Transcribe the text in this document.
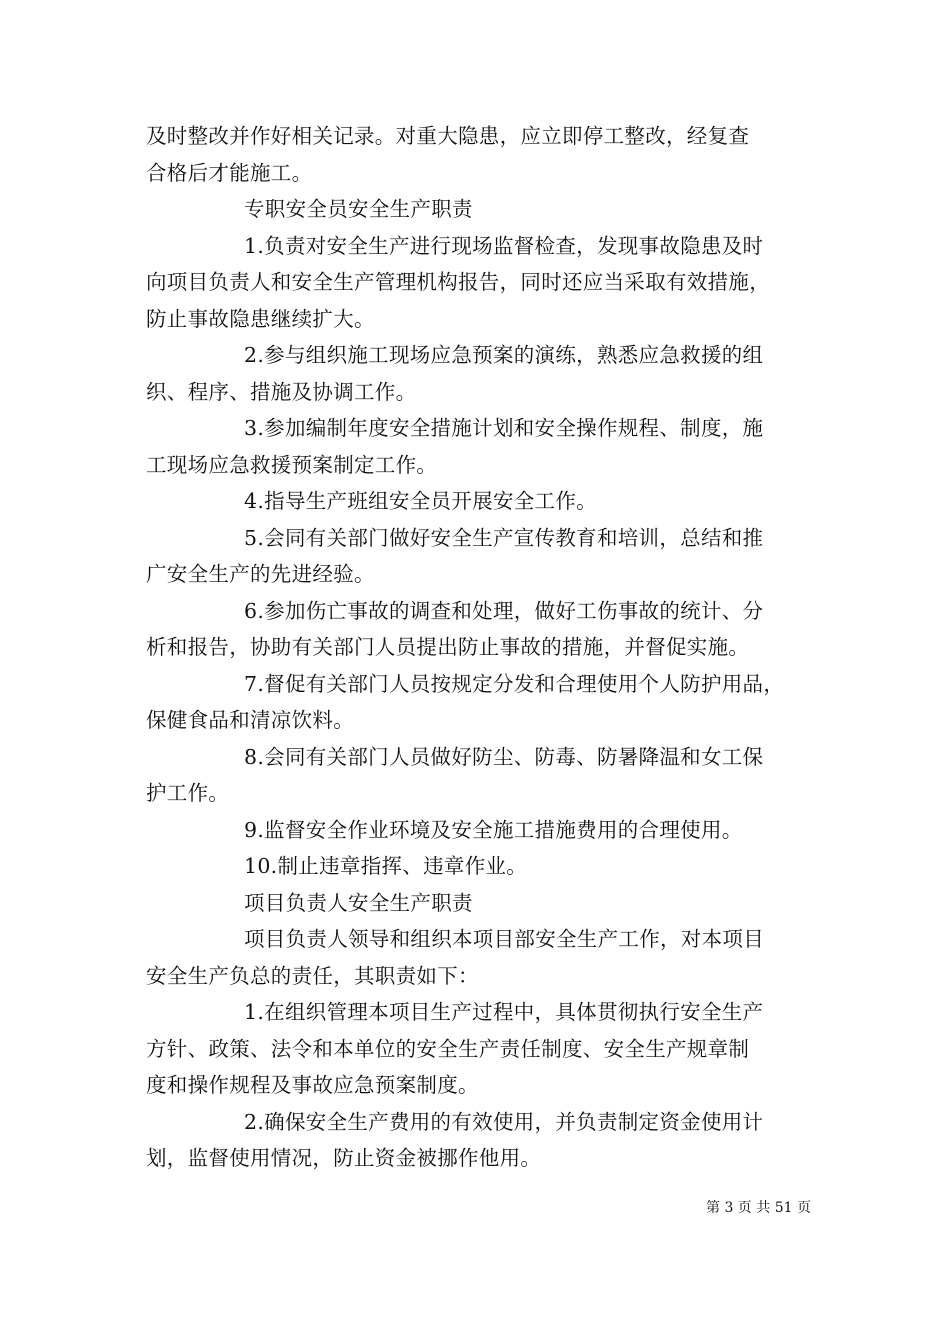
及时整改并作好相关记录。对重大隐患，应立即停工整改，经复查
合格后才能施工。
专职安全员安全生产职责
1.负责对安全生产进行现场监督检查，发现事故隐患及时
向项目负责人和安全生产管理机构报告，同时还应当采取有效措施，
防止事故隐患继续扩大。
2.参与组织施工现场应急预案的演练，熟悉应急救援的组
织、程序、措施及协调工作。
3.参加编制年度安全措施计划和安全操作规程、制度，施
工现场应急救援预案制定工作。
4.指导生产班组安全员开展安全工作。
5.会同有关部门做好安全生产宣传教育和培训，总结和推
广安全生产的先进经验。
6.参加伤亡事故的调查和处理，做好工伤事故的统计、分
析和报告，协助有关部门人员提出防止事故的措施，并督促实施。
7.督促有关部门人员按规定分发和合理使用个人防护用品，
保健食品和清凉饮料。
8.会同有关部门人员做好防尘、防毒、防暑降温和女工保
护工作。
9.监督安全作业环境及安全施工措施费用的合理使用。
10.制止违章指挥、违章作业。
项目负责人安全生产职责
项目负责人领导和组织本项目部安全生产工作，对本项目
安全生产负总的责任，其职责如下：
1.在组织管理本项目生产过程中，具体贯彻执行安全生产
方针、政策、法令和本单位的安全生产责任制度、安全生产规章制
度和操作规程及事故应急预案制度。
2.确保安全生产费用的有效使用，并负责制定资金使用计
划，监督使用情况，防止资金被挪作他用。
第 3 页 共 51 页
